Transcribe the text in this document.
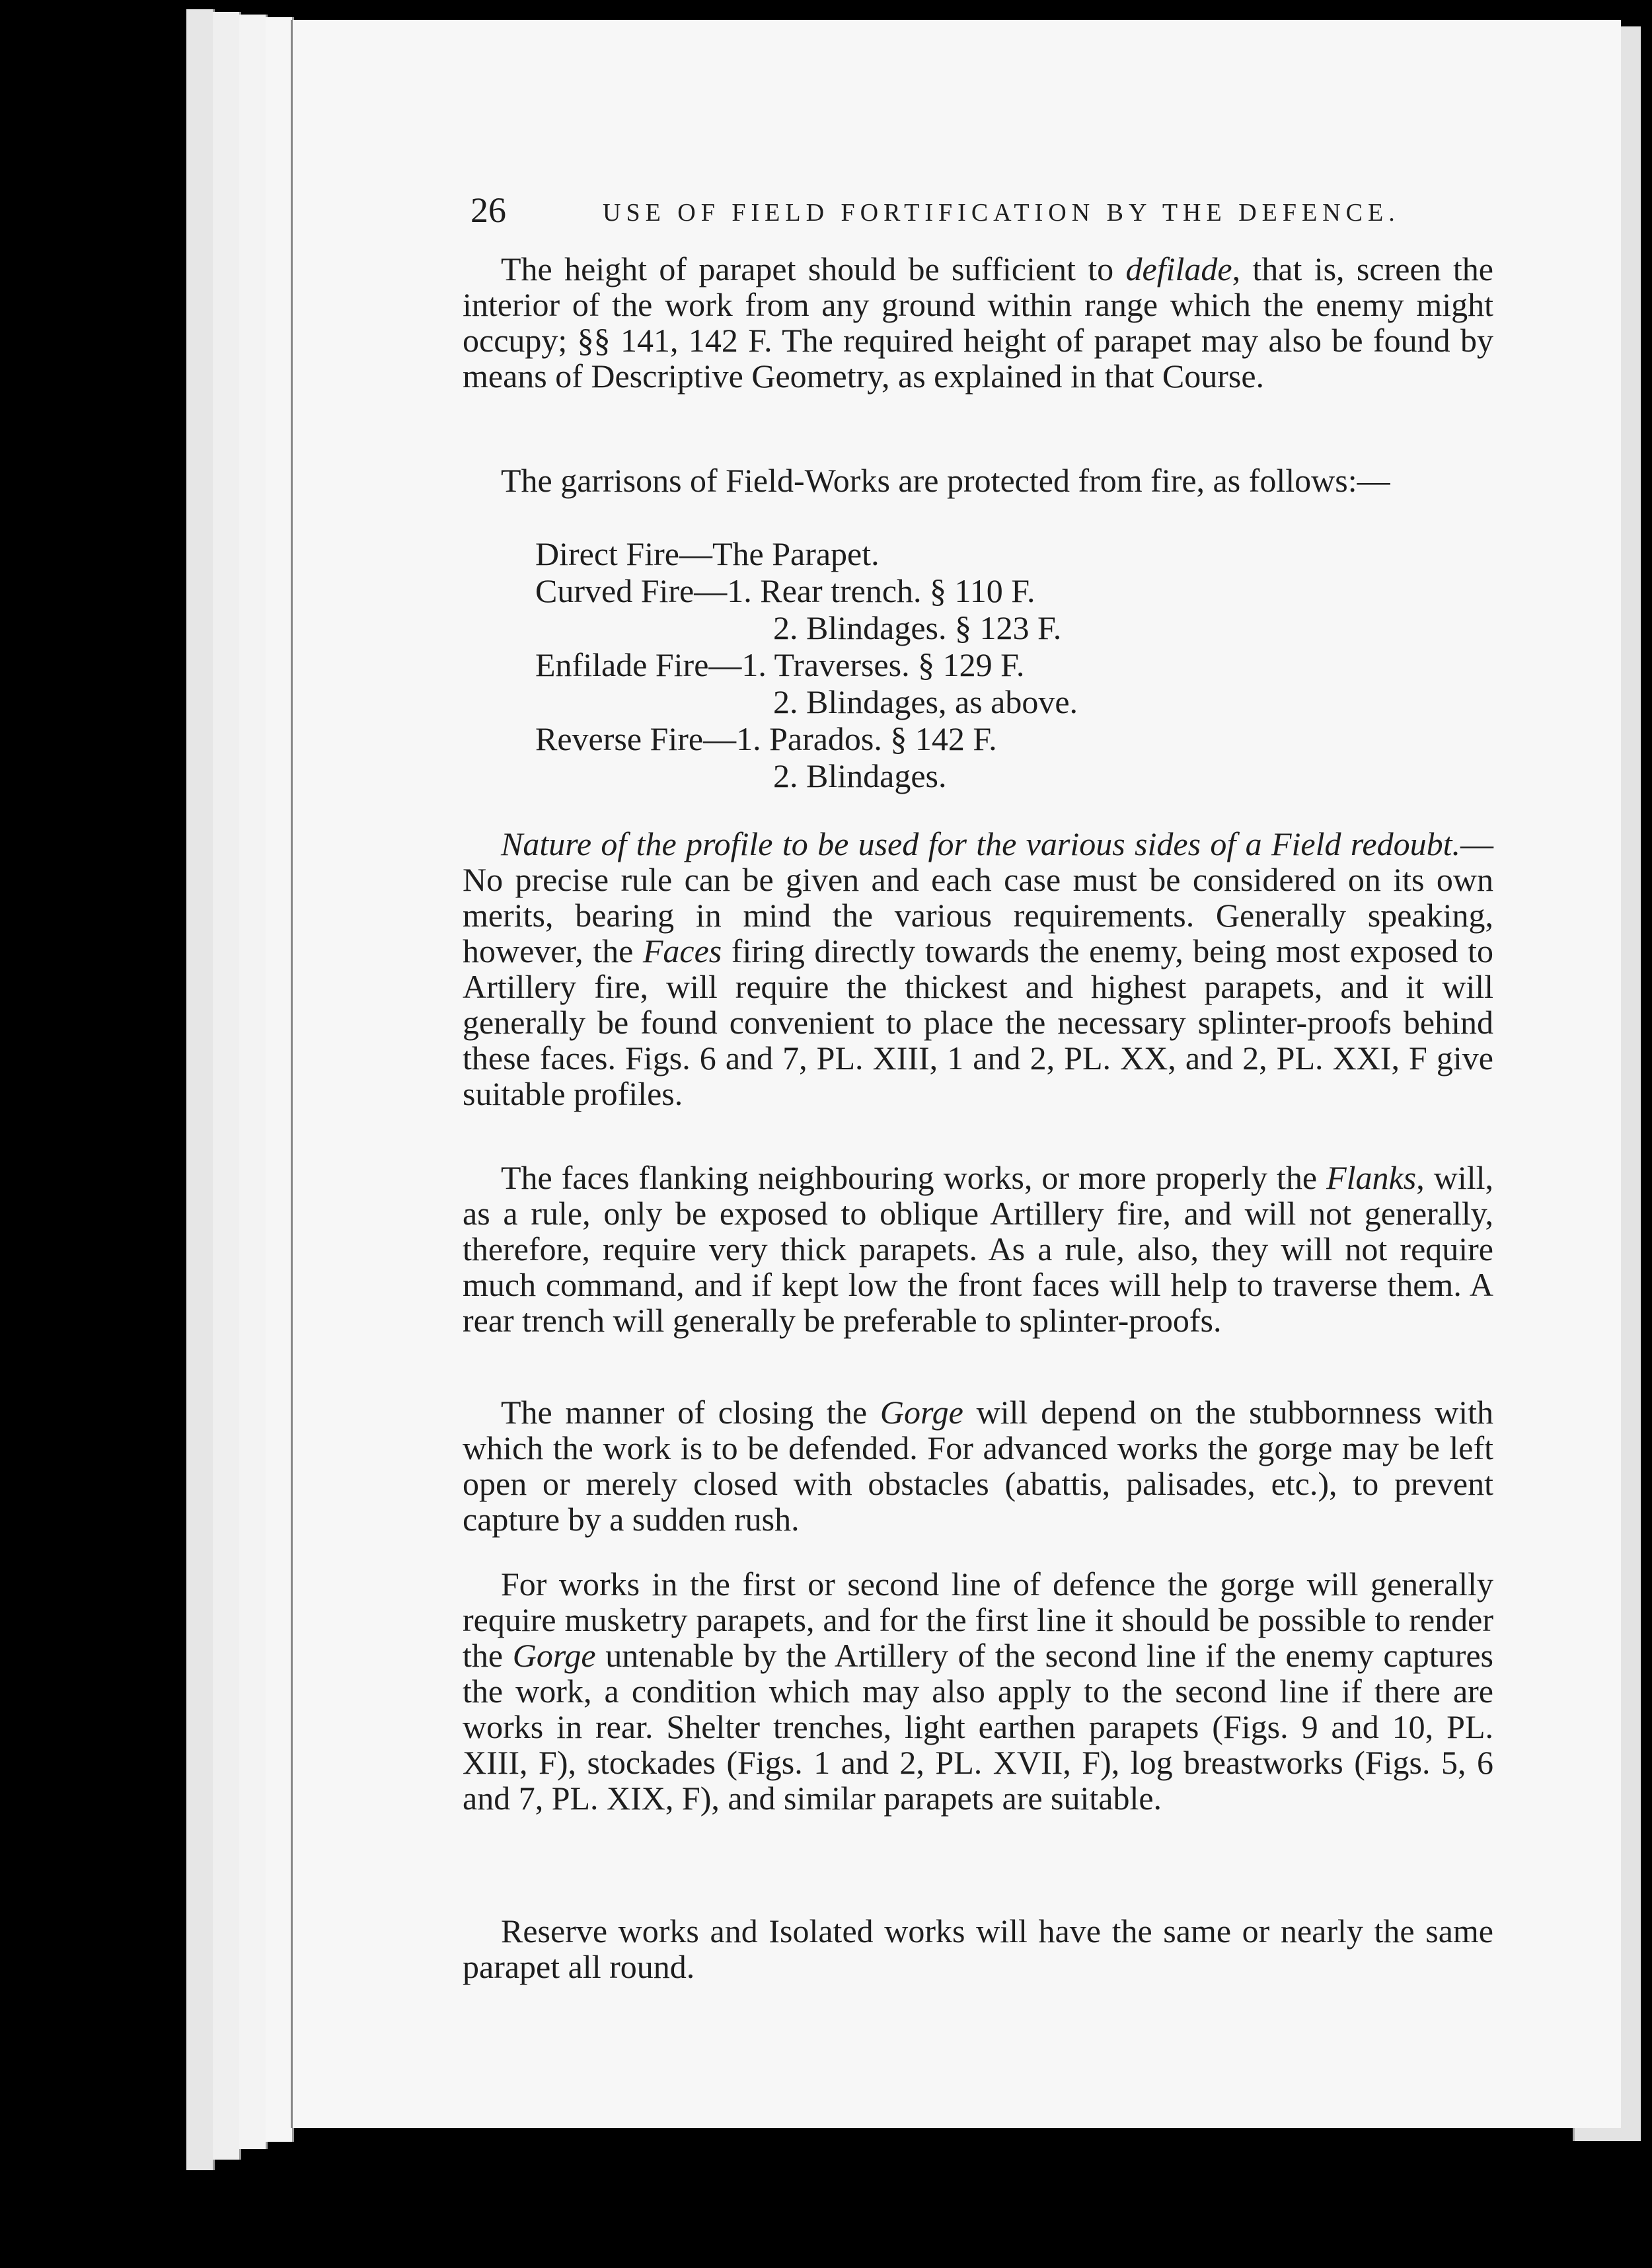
26	USE OF FIELD FORTIFICATION BY THE DEFENCE.

The height of parapet should be sufficient to defilade, that is, screen the interior of the work from any ground within range which the enemy might occupy; §§ 141, 142 F. The required height of parapet may also be found by means of Descriptive Geometry, as explained in that Course.

The garrisons of Field-Works are protected from fire, as follows:—

Direct Fire—The Parapet.
Curved Fire—1. Rear trench. § 110 F.
2. Blindages. § 123 F.
Enfilade Fire—1. Traverses. § 129 F.
2. Blindages, as above.
Reverse Fire—1. Parados. § 142 F.
2. Blindages.

Nature of the profile to be used for the various sides of a Field redoubt.—No precise rule can be given and each case must be considered on its own merits, bearing in mind the various requirements. Generally speaking, however, the Faces firing directly towards the enemy, being most exposed to Artillery fire, will require the thickest and highest parapets, and it will generally be found convenient to place the necessary splinter-proofs behind these faces. Figs. 6 and 7, PL. XIII, 1 and 2, PL. XX, and 2, PL. XXI, F give suitable profiles.

The faces flanking neighbouring works, or more properly the Flanks, will, as a rule, only be exposed to oblique Artillery fire, and will not generally, therefore, require very thick parapets. As a rule, also, they will not require much command, and if kept low the front faces will help to traverse them. A rear trench will generally be preferable to splinter-proofs.

The manner of closing the Gorge will depend on the stubbornness with which the work is to be defended. For advanced works the gorge may be left open or merely closed with obstacles (abattis, palisades, etc.), to prevent capture by a sudden rush.

For works in the first or second line of defence the gorge will generally require musketry parapets, and for the first line it should be possible to render the Gorge untenable by the Artillery of the second line if the enemy captures the work, a condition which may also apply to the second line if there are works in rear. Shelter trenches, light earthen parapets (Figs. 9 and 10, PL. XIII, F), stockades (Figs. 1 and 2, PL. XVII, F), log breastworks (Figs. 5, 6 and 7, PL. XIX, F), and similar parapets are suitable.

Reserve works and Isolated works will have the same or nearly the same parapet all round.
